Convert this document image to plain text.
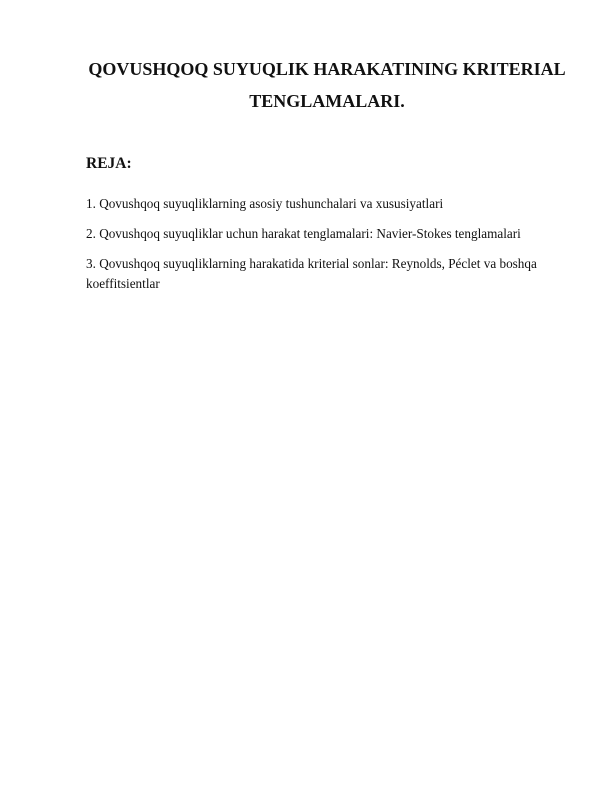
QOVUSHQOQ SUYUQLIK HARAKATINING KRITERIAL
TENGLAMALARI.
REJA:
1. Qovushqoq suyuqliklarning asosiy tushunchalari va xususiyatlari
2. Qovushqoq suyuqliklar uchun harakat tenglamalari: Navier-Stokes tenglamalari
3. Qovushqoq suyuqliklarning harakatida kriterial sonlar: Reynolds, Péclet va boshqa koeffitsientlar
